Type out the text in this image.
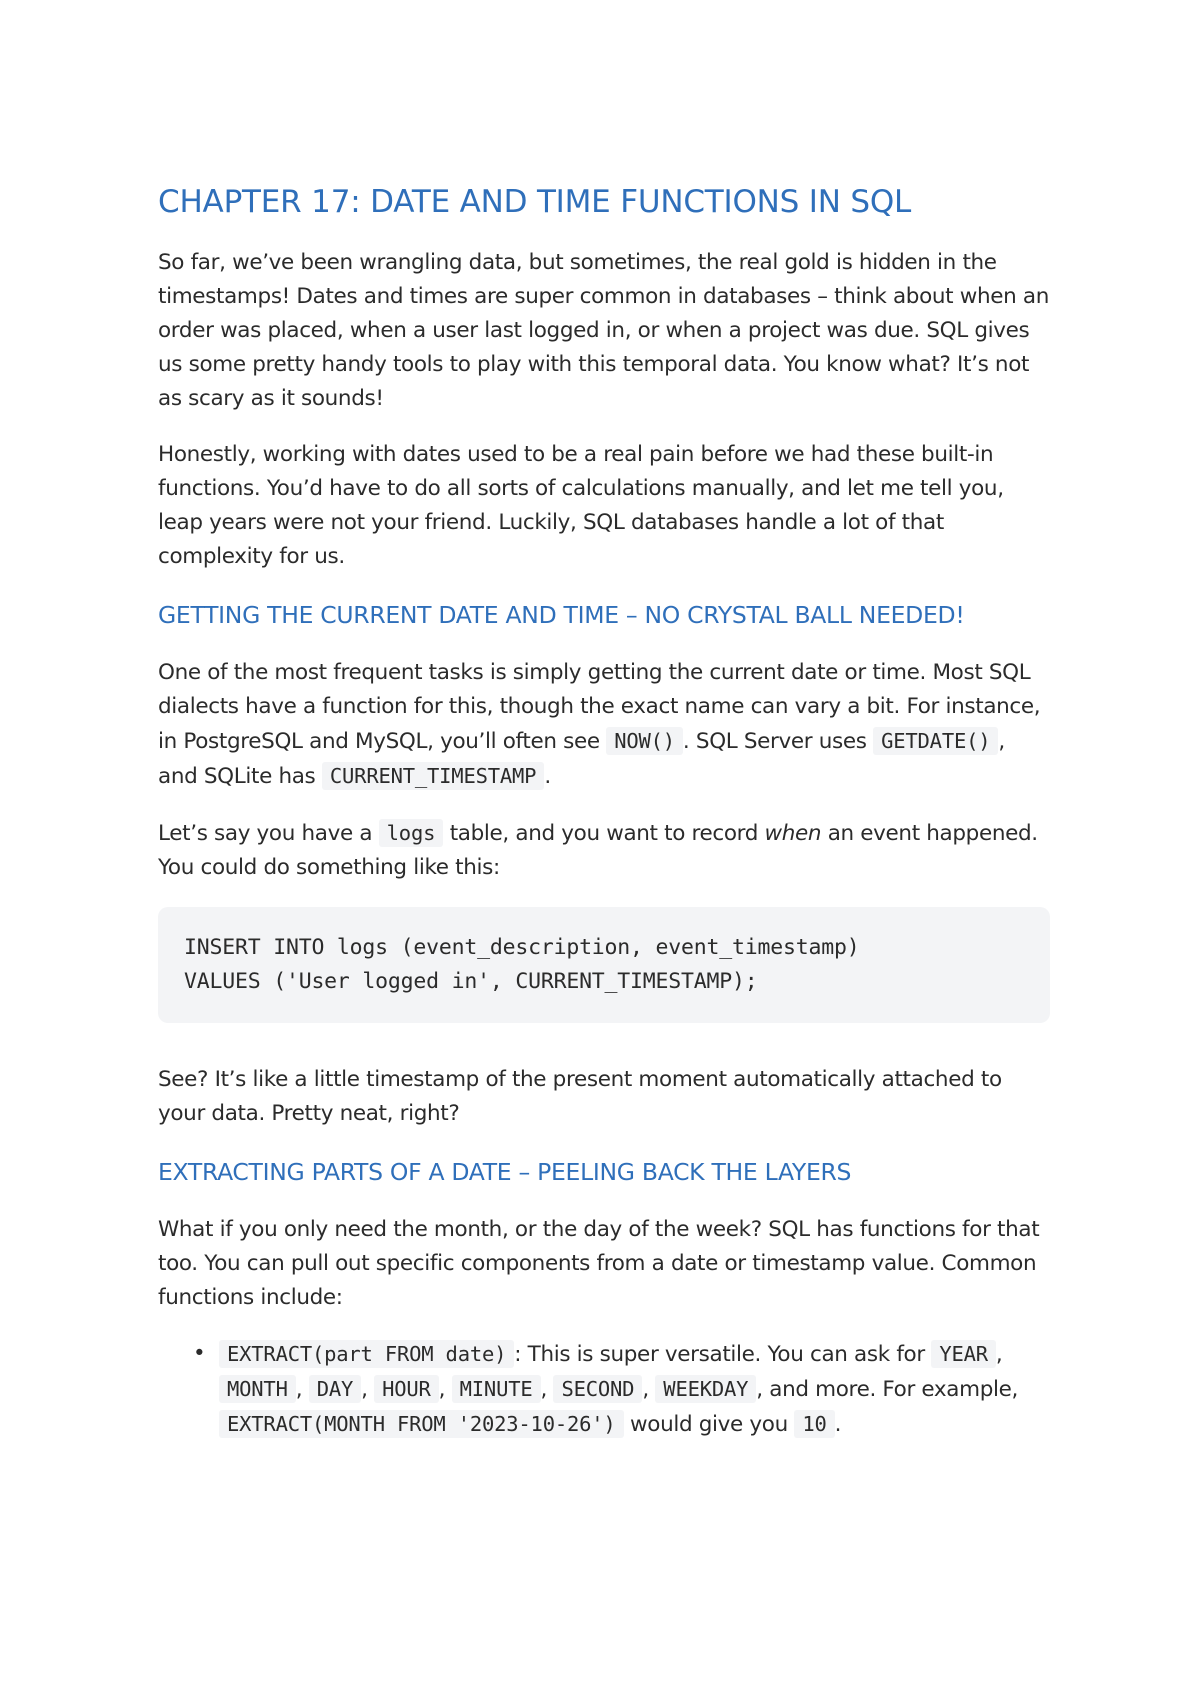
CHAPTER 17: DATE AND TIME FUNCTIONS IN SQL

So far, we’ve been wrangling data, but sometimes, the real gold is hidden in the timestamps! Dates and times are super common in databases – think about when an order was placed, when a user last logged in, or when a project was due. SQL gives us some pretty handy tools to play with this temporal data. You know what? It’s not as scary as it sounds!

Honestly, working with dates used to be a real pain before we had these built-in functions. You’d have to do all sorts of calculations manually, and let me tell you, leap years were not your friend. Luckily, SQL databases handle a lot of that complexity for us.

GETTING THE CURRENT DATE AND TIME – NO CRYSTAL BALL NEEDED!

One of the most frequent tasks is simply getting the current date or time. Most SQL dialects have a function for this, though the exact name can vary a bit. For instance, in PostgreSQL and MySQL, you’ll often see NOW() . SQL Server uses GETDATE() , and SQLite has CURRENT_TIMESTAMP .

Let’s say you have a logs table, and you want to record when an event happened. You could do something like this:

INSERT INTO logs (event_description, event_timestamp)
VALUES ('User logged in', CURRENT_TIMESTAMP);

See? It’s like a little timestamp of the present moment automatically attached to your data. Pretty neat, right?

EXTRACTING PARTS OF A DATE – PEELING BACK THE LAYERS

What if you only need the month, or the day of the week? SQL has functions for that too. You can pull out specific components from a date or timestamp value. Common functions include:

• EXTRACT(part FROM date) : This is super versatile. You can ask for YEAR , MONTH , DAY , HOUR , MINUTE , SECOND , WEEKDAY , and more. For example, EXTRACT(MONTH FROM '2023-10-26') would give you 10 .
